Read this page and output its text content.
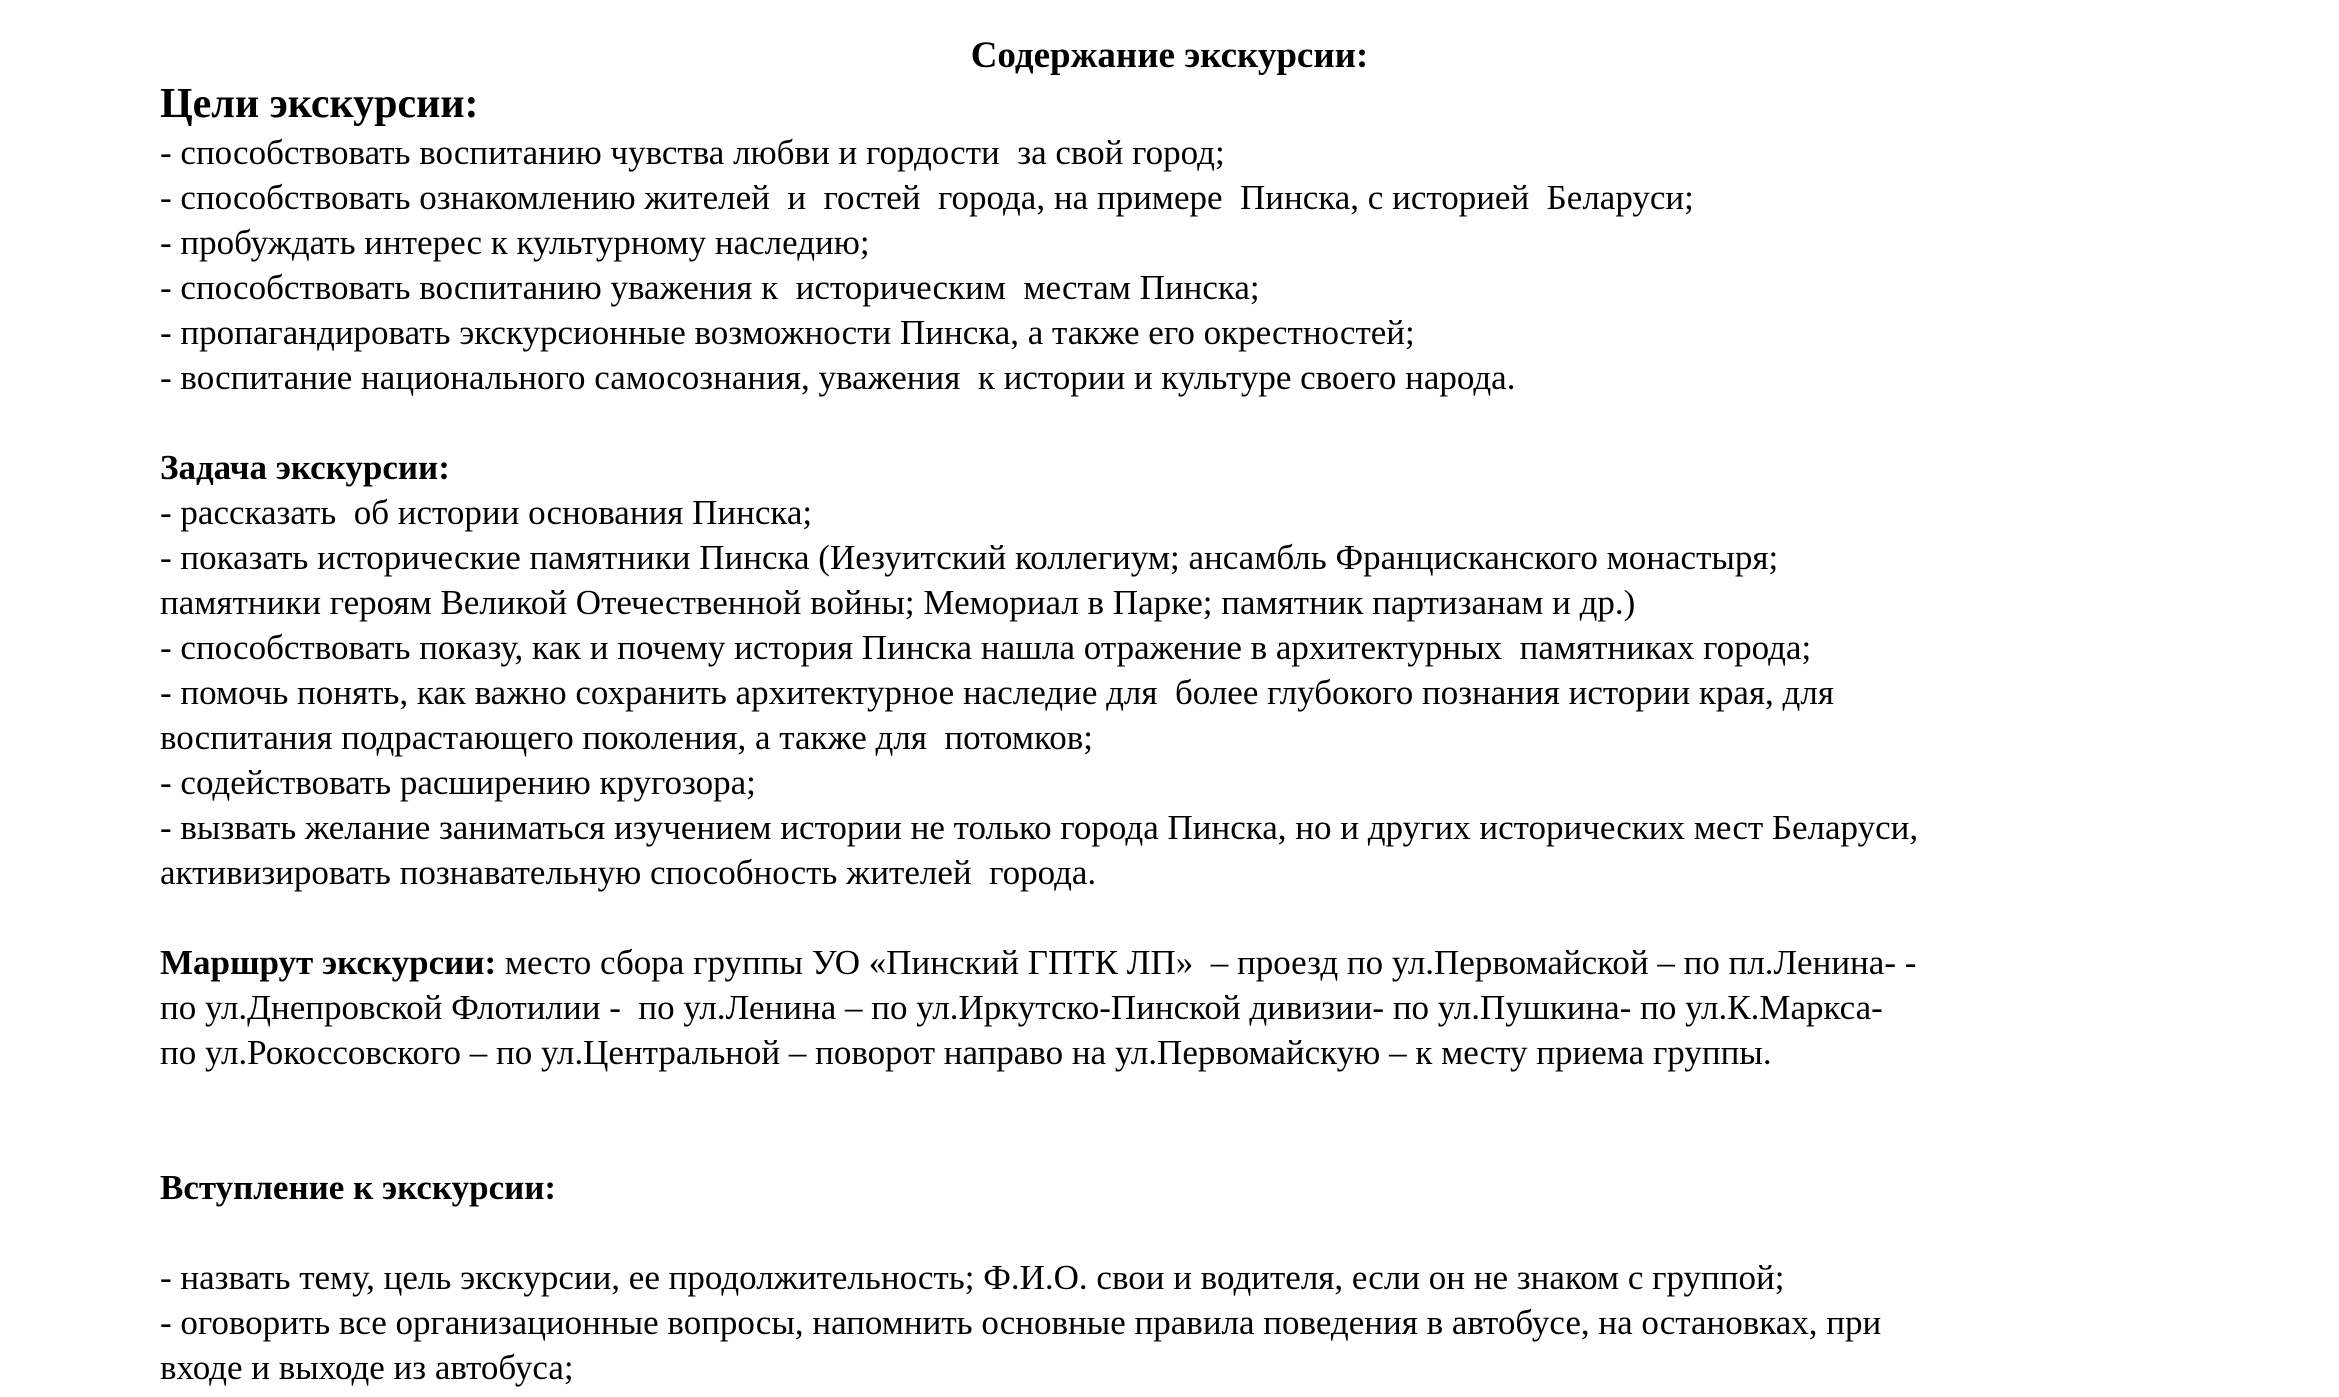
Содержание экскурсии:

Цели экскурсии:

- способствовать воспитанию чувства любви и гордости  за свой город;

- способствовать ознакомлению жителей  и  гостей  города, на примере  Пинска, с историей  Беларуси;

- пробуждать интерес к культурному наследию;

- способствовать воспитанию уважения к  историческим  местам Пинска;

- пропагандировать экскурсионные возможности Пинска, а также его окрестностей;

- воспитание национального самосознания, уважения  к истории и культуре своего народа.

Задача экскурсии:

- рассказать  об истории основания Пинска;

- показать исторические памятники Пинска (Иезуитский коллегиум; ансамбль Францисканского монастыря;

памятники героям Великой Отечественной войны; Мемориал в Парке; памятник партизанам и др.)

- способствовать показу, как и почему история Пинска нашла отражение в архитектурных  памятниках города;

- помочь понять, как важно сохранить архитектурное наследие для  более глубокого познания истории края, для

воспитания подрастающего поколения, а также для  потомков;

- содействовать расширению кругозора;

- вызвать желание заниматься изучением истории не только города Пинска, но и других исторических мест Беларуси,

активизировать познавательную способность жителей  города.

Маршрут экскурсии: место сбора группы УО «Пинский ГПТК ЛП»  – проезд по ул.Первомайской – по пл.Ленина- -

по ул.Днепровской Флотилии -  по ул.Ленина – по ул.Иркутско-Пинской дивизии- по ул.Пушкина- по ул.К.Маркса-

по ул.Рокоссовского – по ул.Центральной – поворот направо на ул.Первомайскую – к месту приема группы.

Вступление к экскурсии:

- назвать тему, цель экскурсии, ее продолжительность; Ф.И.О. свои и водителя, если он не знаком с группой;

- оговорить все организационные вопросы, напомнить основные правила поведения в автобусе, на остановках, при

входе и выходе из автобуса;
